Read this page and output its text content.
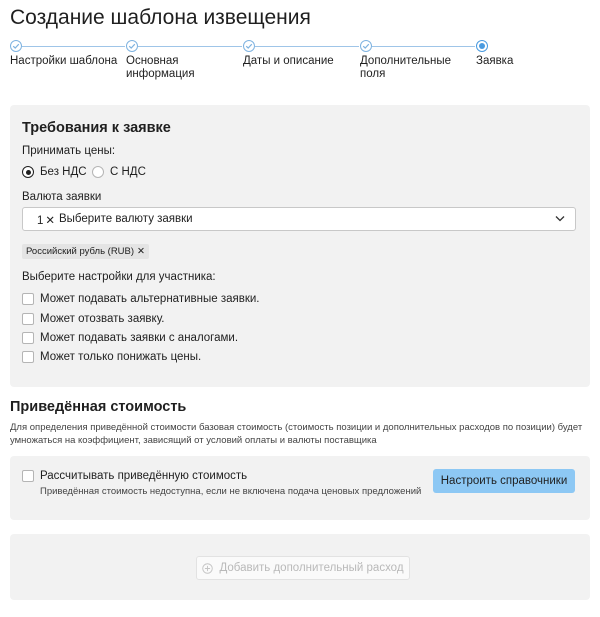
Создание шаблона извещения
Настройки шаблона Основная информация
Даты и описание Дополнительные поля
Заявка
Требования к заявке
Принимать цены:
Без НДС С НДС
Валюта заявки
1 ✕ Выберите валюту заявки
Российский рубль (RUB) ✕
Выберите настройки для участника:
Может подавать альтернативные заявки.
Может отозвать заявку.
Может подавать заявки с аналогами.
Может только понижать цены.
Приведённая стоимость

Для определения приведённой стоимости базовая стоимость (стоимость позиции и дополнительных расходов по позиции) будет умножаться на коэффициент, зависящий от условий оплаты и валюты поставщика

Рассчитывать приведённую стоимость
Приведённая стоимость недоступна, если не включена подача ценовых предложений
Настроить справочники
Добавить дополнительный расход
